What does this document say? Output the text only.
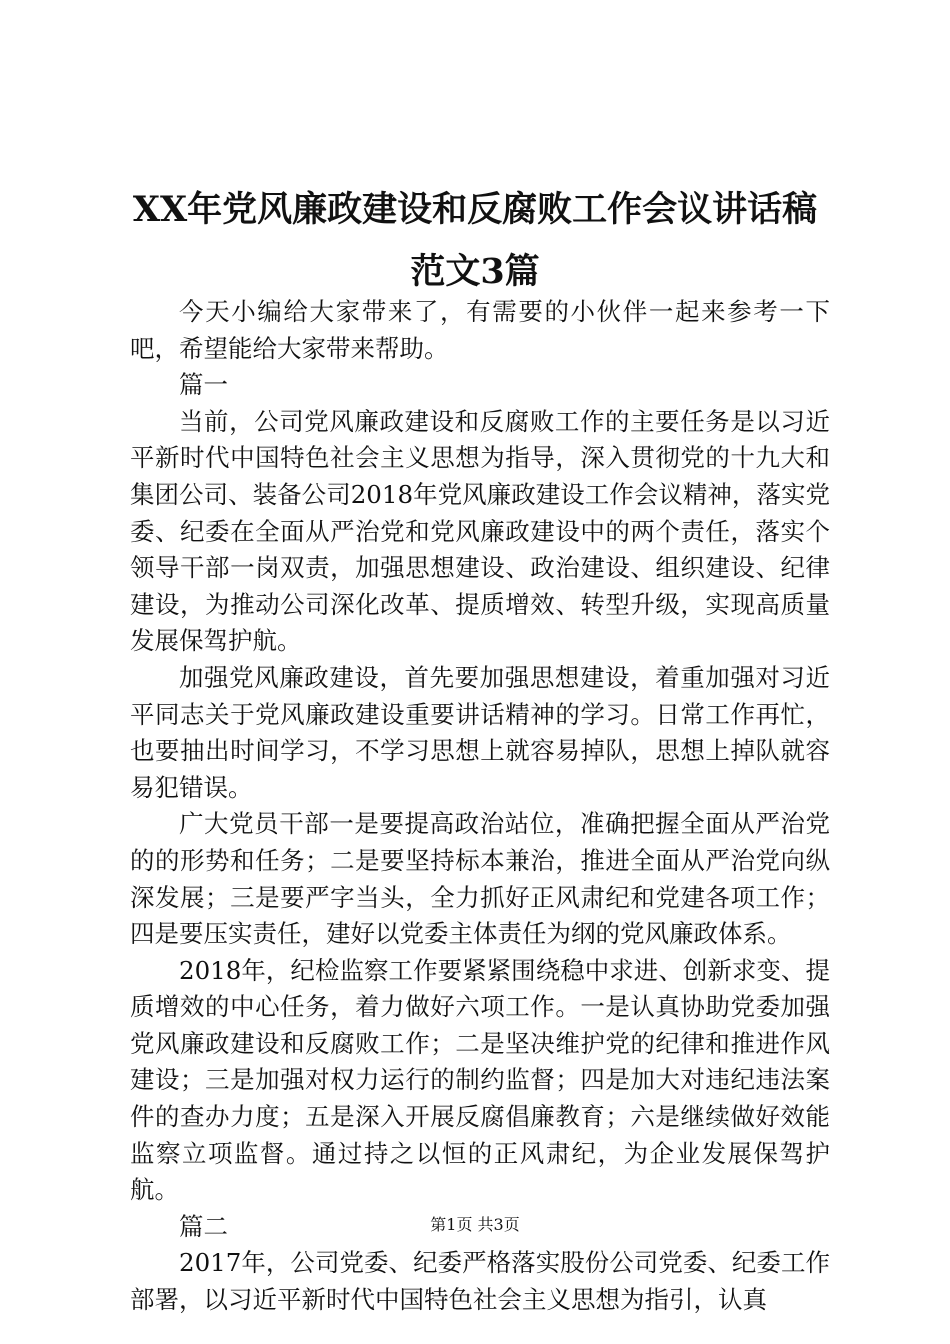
XX年党风廉政建设和反腐败工作会议讲话稿
范文3篇

今天小编给大家带来了，有需要的小伙伴一起来参考一下吧，希望能给大家带来帮助。

篇一

当前，公司党风廉政建设和反腐败工作的主要任务是以习近平新时代中国特色社会主义思想为指导，深入贯彻党的十九大和集团公司、装备公司2018年党风廉政建设工作会议精神，落实党委、纪委在全面从严治党和党风廉政建设中的两个责任，落实个领导干部一岗双责，加强思想建设、政治建设、组织建设、纪律建设，为推动公司深化改革、提质增效、转型升级，实现高质量发展保驾护航。

加强党风廉政建设，首先要加强思想建设，着重加强对习近平同志关于党风廉政建设重要讲话精神的学习。日常工作再忙，也要抽出时间学习，不学习思想上就容易掉队，思想上掉队就容易犯错误。

广大党员干部一是要提高政治站位，准确把握全面从严治党的的形势和任务；二是要坚持标本兼治，推进全面从严治党向纵深发展；三是要严字当头，全力抓好正风肃纪和党建各项工作；四是要压实责任，建好以党委主体责任为纲的党风廉政体系。

2018年，纪检监察工作要紧紧围绕稳中求进、创新求变、提质增效的中心任务，着力做好六项工作。一是认真协助党委加强党风廉政建设和反腐败工作；二是坚决维护党的纪律和推进作风建设；三是加强对权力运行的制约监督；四是加大对违纪违法案件的查办力度；五是深入开展反腐倡廉教育；六是继续做好效能监察立项监督。通过持之以恒的正风肃纪，为企业发展保驾护航。

篇二

2017年，公司党委、纪委严格落实股份公司党委、纪委工作部署，以习近平新时代中国特色社会主义思想为指引，认真

第1页 共3页
